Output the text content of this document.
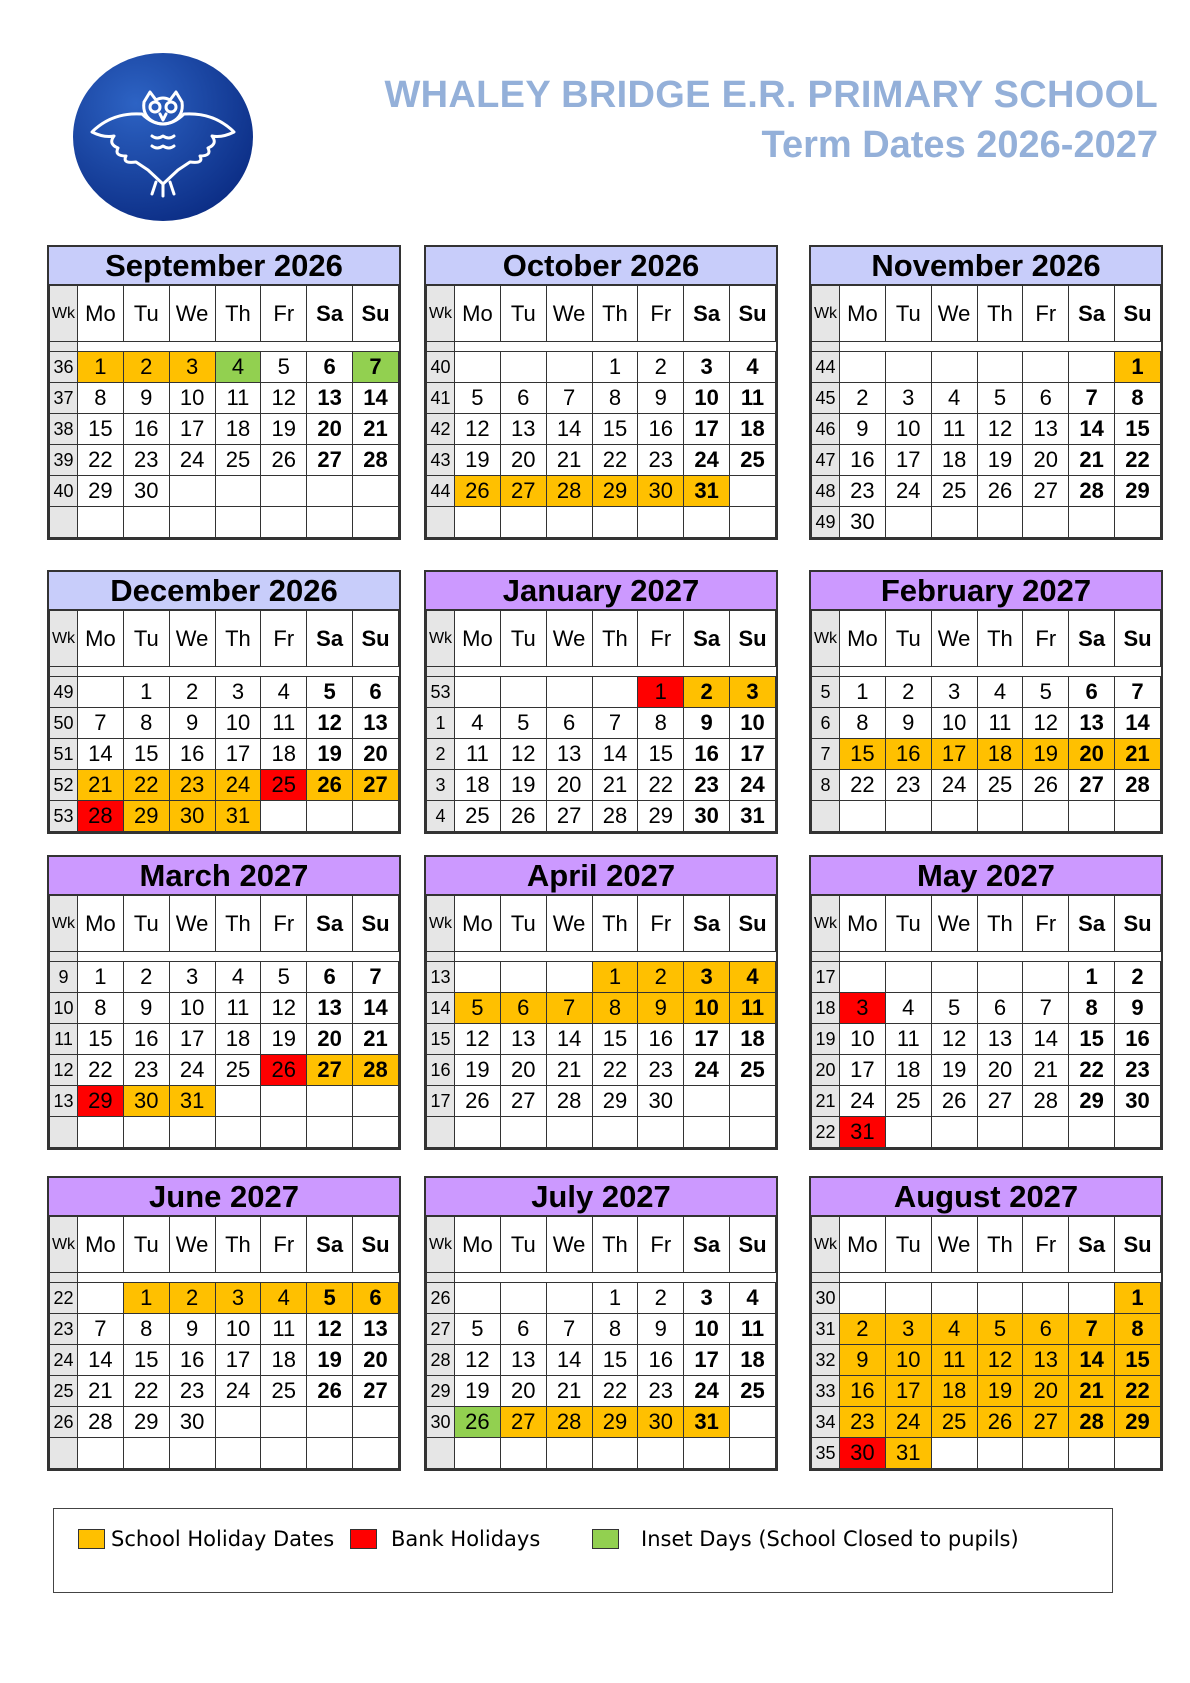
WHALEY BRIDGE E.R. PRIMARY SCHOOL
Term Dates 2026-2027
September 2026
Wk	Mo	Tu	We	Th	Fr	Sa	Su

36	1	2	3	4	5	6	7
37	8	9	10	11	12	13	14
38	15	16	17	18	19	20	21
39	22	23	24	25	26	27	28
40	29	30					

October 2026
Wk	Mo	Tu	We	Th	Fr	Sa	Su

40				1	2	3	4
41	5	6	7	8	9	10	11
42	12	13	14	15	16	17	18
43	19	20	21	22	23	24	25
44	26	27	28	29	30	31	

November 2026
Wk	Mo	Tu	We	Th	Fr	Sa	Su

44							1
45	2	3	4	5	6	7	8
46	9	10	11	12	13	14	15
47	16	17	18	19	20	21	22
48	23	24	25	26	27	28	29
49	30						
December 2026
Wk	Mo	Tu	We	Th	Fr	Sa	Su

49		1	2	3	4	5	6
50	7	8	9	10	11	12	13
51	14	15	16	17	18	19	20
52	21	22	23	24	25	26	27
53	28	29	30	31			
January 2027
Wk	Mo	Tu	We	Th	Fr	Sa	Su

53					1	2	3
1	4	5	6	7	8	9	10
2	11	12	13	14	15	16	17
3	18	19	20	21	22	23	24
4	25	26	27	28	29	30	31
February 2027
Wk	Mo	Tu	We	Th	Fr	Sa	Su

5	1	2	3	4	5	6	7
6	8	9	10	11	12	13	14
7	15	16	17	18	19	20	21
8	22	23	24	25	26	27	28

March 2027
Wk	Mo	Tu	We	Th	Fr	Sa	Su

9	1	2	3	4	5	6	7
10	8	9	10	11	12	13	14
11	15	16	17	18	19	20	21
12	22	23	24	25	26	27	28
13	29	30	31				

April 2027
Wk	Mo	Tu	We	Th	Fr	Sa	Su

13				1	2	3	4
14	5	6	7	8	9	10	11
15	12	13	14	15	16	17	18
16	19	20	21	22	23	24	25
17	26	27	28	29	30		

May 2027
Wk	Mo	Tu	We	Th	Fr	Sa	Su

17						1	2
18	3	4	5	6	7	8	9
19	10	11	12	13	14	15	16
20	17	18	19	20	21	22	23
21	24	25	26	27	28	29	30
22	31						
June 2027
Wk	Mo	Tu	We	Th	Fr	Sa	Su

22		1	2	3	4	5	6
23	7	8	9	10	11	12	13
24	14	15	16	17	18	19	20
25	21	22	23	24	25	26	27
26	28	29	30				

July 2027
Wk	Mo	Tu	We	Th	Fr	Sa	Su

26				1	2	3	4
27	5	6	7	8	9	10	11
28	12	13	14	15	16	17	18
29	19	20	21	22	23	24	25
30	26	27	28	29	30	31	

August 2027
Wk	Mo	Tu	We	Th	Fr	Sa	Su

30							1
31	2	3	4	5	6	7	8
32	9	10	11	12	13	14	15
33	16	17	18	19	20	21	22
34	23	24	25	26	27	28	29
35	30	31					
School Holiday Dates	Bank Holidays	Inset Days (School Closed to pupils)
